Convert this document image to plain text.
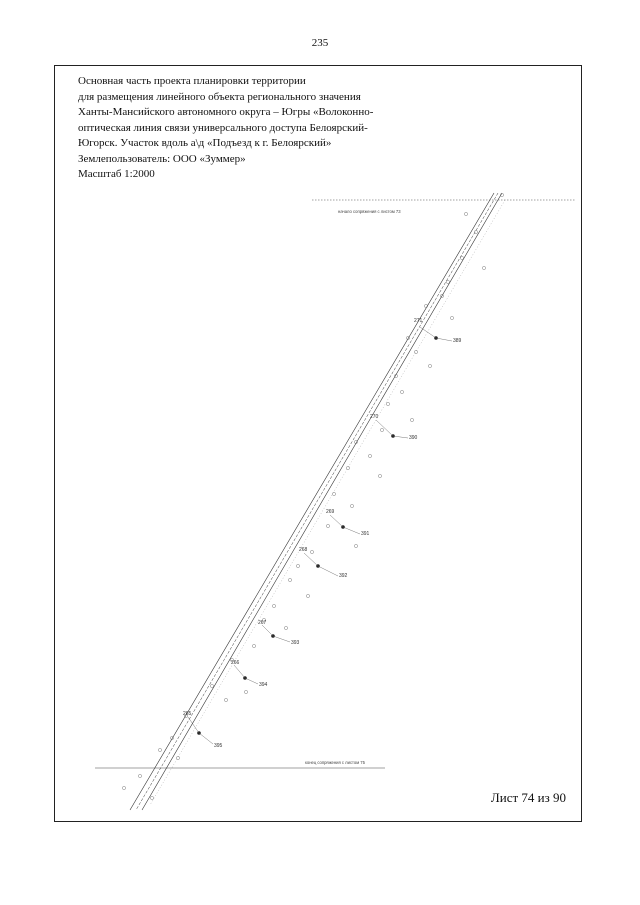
235
Основная часть проекта планировки территории
для размещения линейного объекта регионального значения
Ханты-Мансийского автономного округа – Югры «Волоконно-
оптическая линия связи универсального доступа Белоярский-
Югорск. Участок вдоль а\д «Подъезд к г. Белоярский»
Землепользователь: ООО «Зуммер»
Масштаб 1:2000
начало сопряжения с листом 73
конец сопряжения с листом 75
271
389
270
390
269
391
268
392
267
393
266
394
265
395
Лист 74 из 90
